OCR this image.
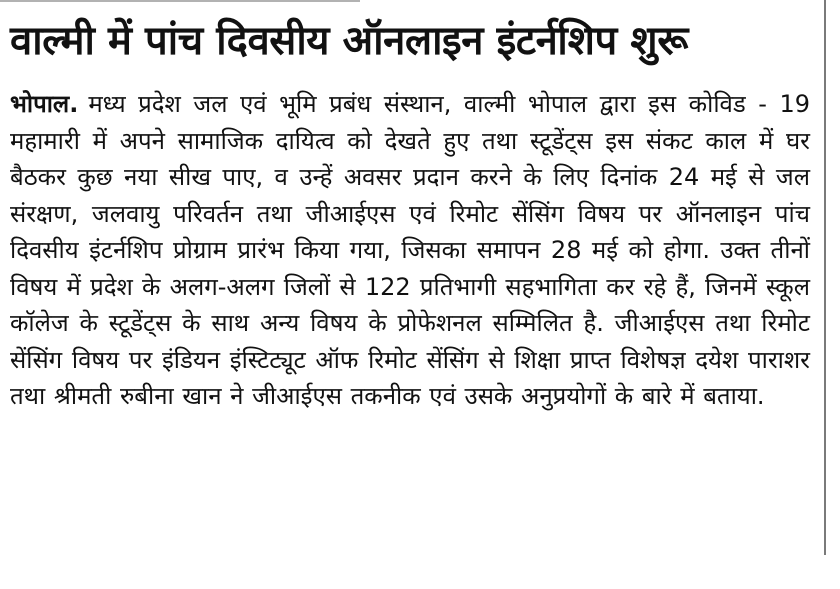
वाल्मी में पांच दिवसीय ऑनलाइन इंटर्नशिप शुरू

भोपाल. मध्य प्रदेश जल एवं भूमि प्रबंध संस्थान, वाल्मी भोपाल द्वारा इस कोविड - 19 महामारी में अपने सामाजिक दायित्व को देखते हुए तथा स्टूडेंट्स इस संकट काल में घर बैठकर कुछ नया सीख पाए, व उन्हें अवसर प्रदान करने के लिए दिनांक 24 मई से जल संरक्षण, जलवायु परिवर्तन तथा जीआईएस एवं रिमोट सेंसिंग विषय पर ऑनलाइन पांच दिवसीय इंटर्नशिप प्रोग्राम प्रारंभ किया गया, जिसका समापन 28 मई को होगा. उक्त तीनों विषय में प्रदेश के अलग-अलग जिलों से 122 प्रतिभागी सहभागिता कर रहे हैं, जिनमें स्कूल कॉलेज के स्टूडेंट्स के साथ अन्य विषय के प्रोफेशनल सम्मिलित है. जीआईएस तथा रिमोट सेंसिंग विषय पर इंडियन इंस्टिट्यूट ऑफ रिमोट सेंसिंग से शिक्षा प्राप्त विशेषज्ञ दयेश पाराशर तथा श्रीमती रुबीना खान ने जीआईएस तकनीक एवं उसके अनुप्रयोगों के बारे में बताया.
